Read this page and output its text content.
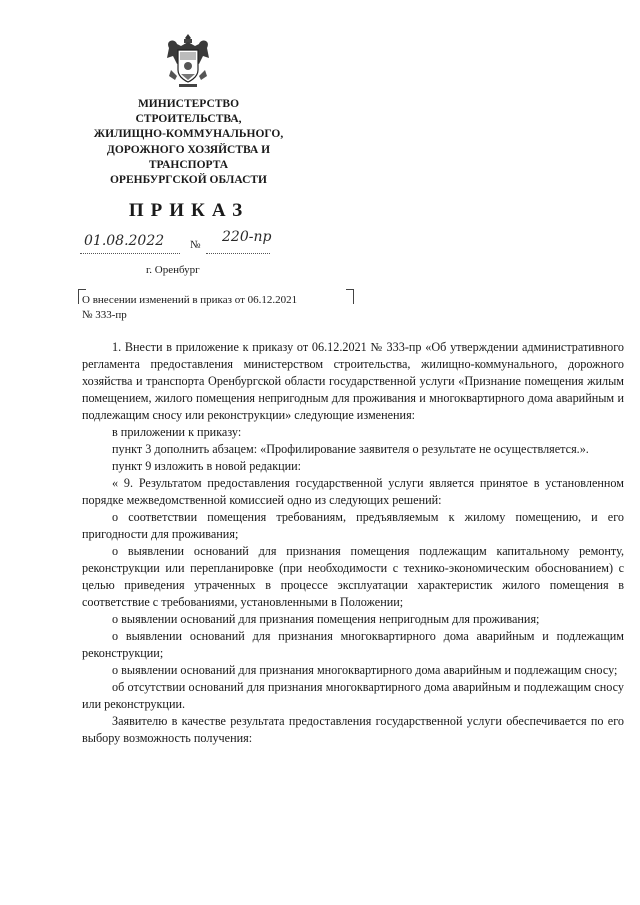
МИНИСТЕРСТВО
СТРОИТЕЛЬСТВА,
ЖИЛИЩНО-КОММУНАЛЬНОГО,
ДОРОЖНОГО ХОЗЯЙСТВА И
ТРАНСПОРТА
ОРЕНБУРГСКОЙ ОБЛАСТИ
ПРИКАЗ
01.08.2022	№ 220-пр
г. Оренбург
О внесении изменений в приказ от 06.12.2021 № 333-пр

1. Внести в приложение к приказу от 06.12.2021 № 333-пр «Об утверждении административного регламента предоставления министерством строительства, жилищно-коммунального, дорожного хозяйства и транспорта Оренбургской области государственной услуги «Признание помещения жилым помещением, жилого помещения непригодным для проживания и многоквартирного дома аварийным и подлежащим сносу или реконструкции» следующие изменения:

в приложении к приказу:

пункт 3 дополнить абзацем: «Профилирование заявителя о результате не осуществляется.».

пункт 9 изложить в новой редакции:

« 9. Результатом предоставления государственной услуги является принятое в установленном порядке межведомственной комиссией одно из следующих решений:

о соответствии помещения требованиям, предъявляемым к жилому помещению, и его пригодности для проживания;

о выявлении оснований для признания помещения подлежащим капитальному ремонту, реконструкции или перепланировке (при необходимости с технико-экономическим обоснованием) с целью приведения утраченных в процессе эксплуатации характеристик жилого помещения в соответствие с требованиями, установленными в Положении;

о выявлении оснований для признания помещения непригодным для проживания;

о выявлении оснований для признания многоквартирного дома аварийным и подлежащим реконструкции;

о выявлении оснований для признания многоквартирного дома аварийным и подлежащим сносу;

об отсутствии оснований для признания многоквартирного дома аварийным и подлежащим сносу или реконструкции.

Заявителю в качестве результата предоставления государственной услуги обеспечивается по его выбору возможность получения:
